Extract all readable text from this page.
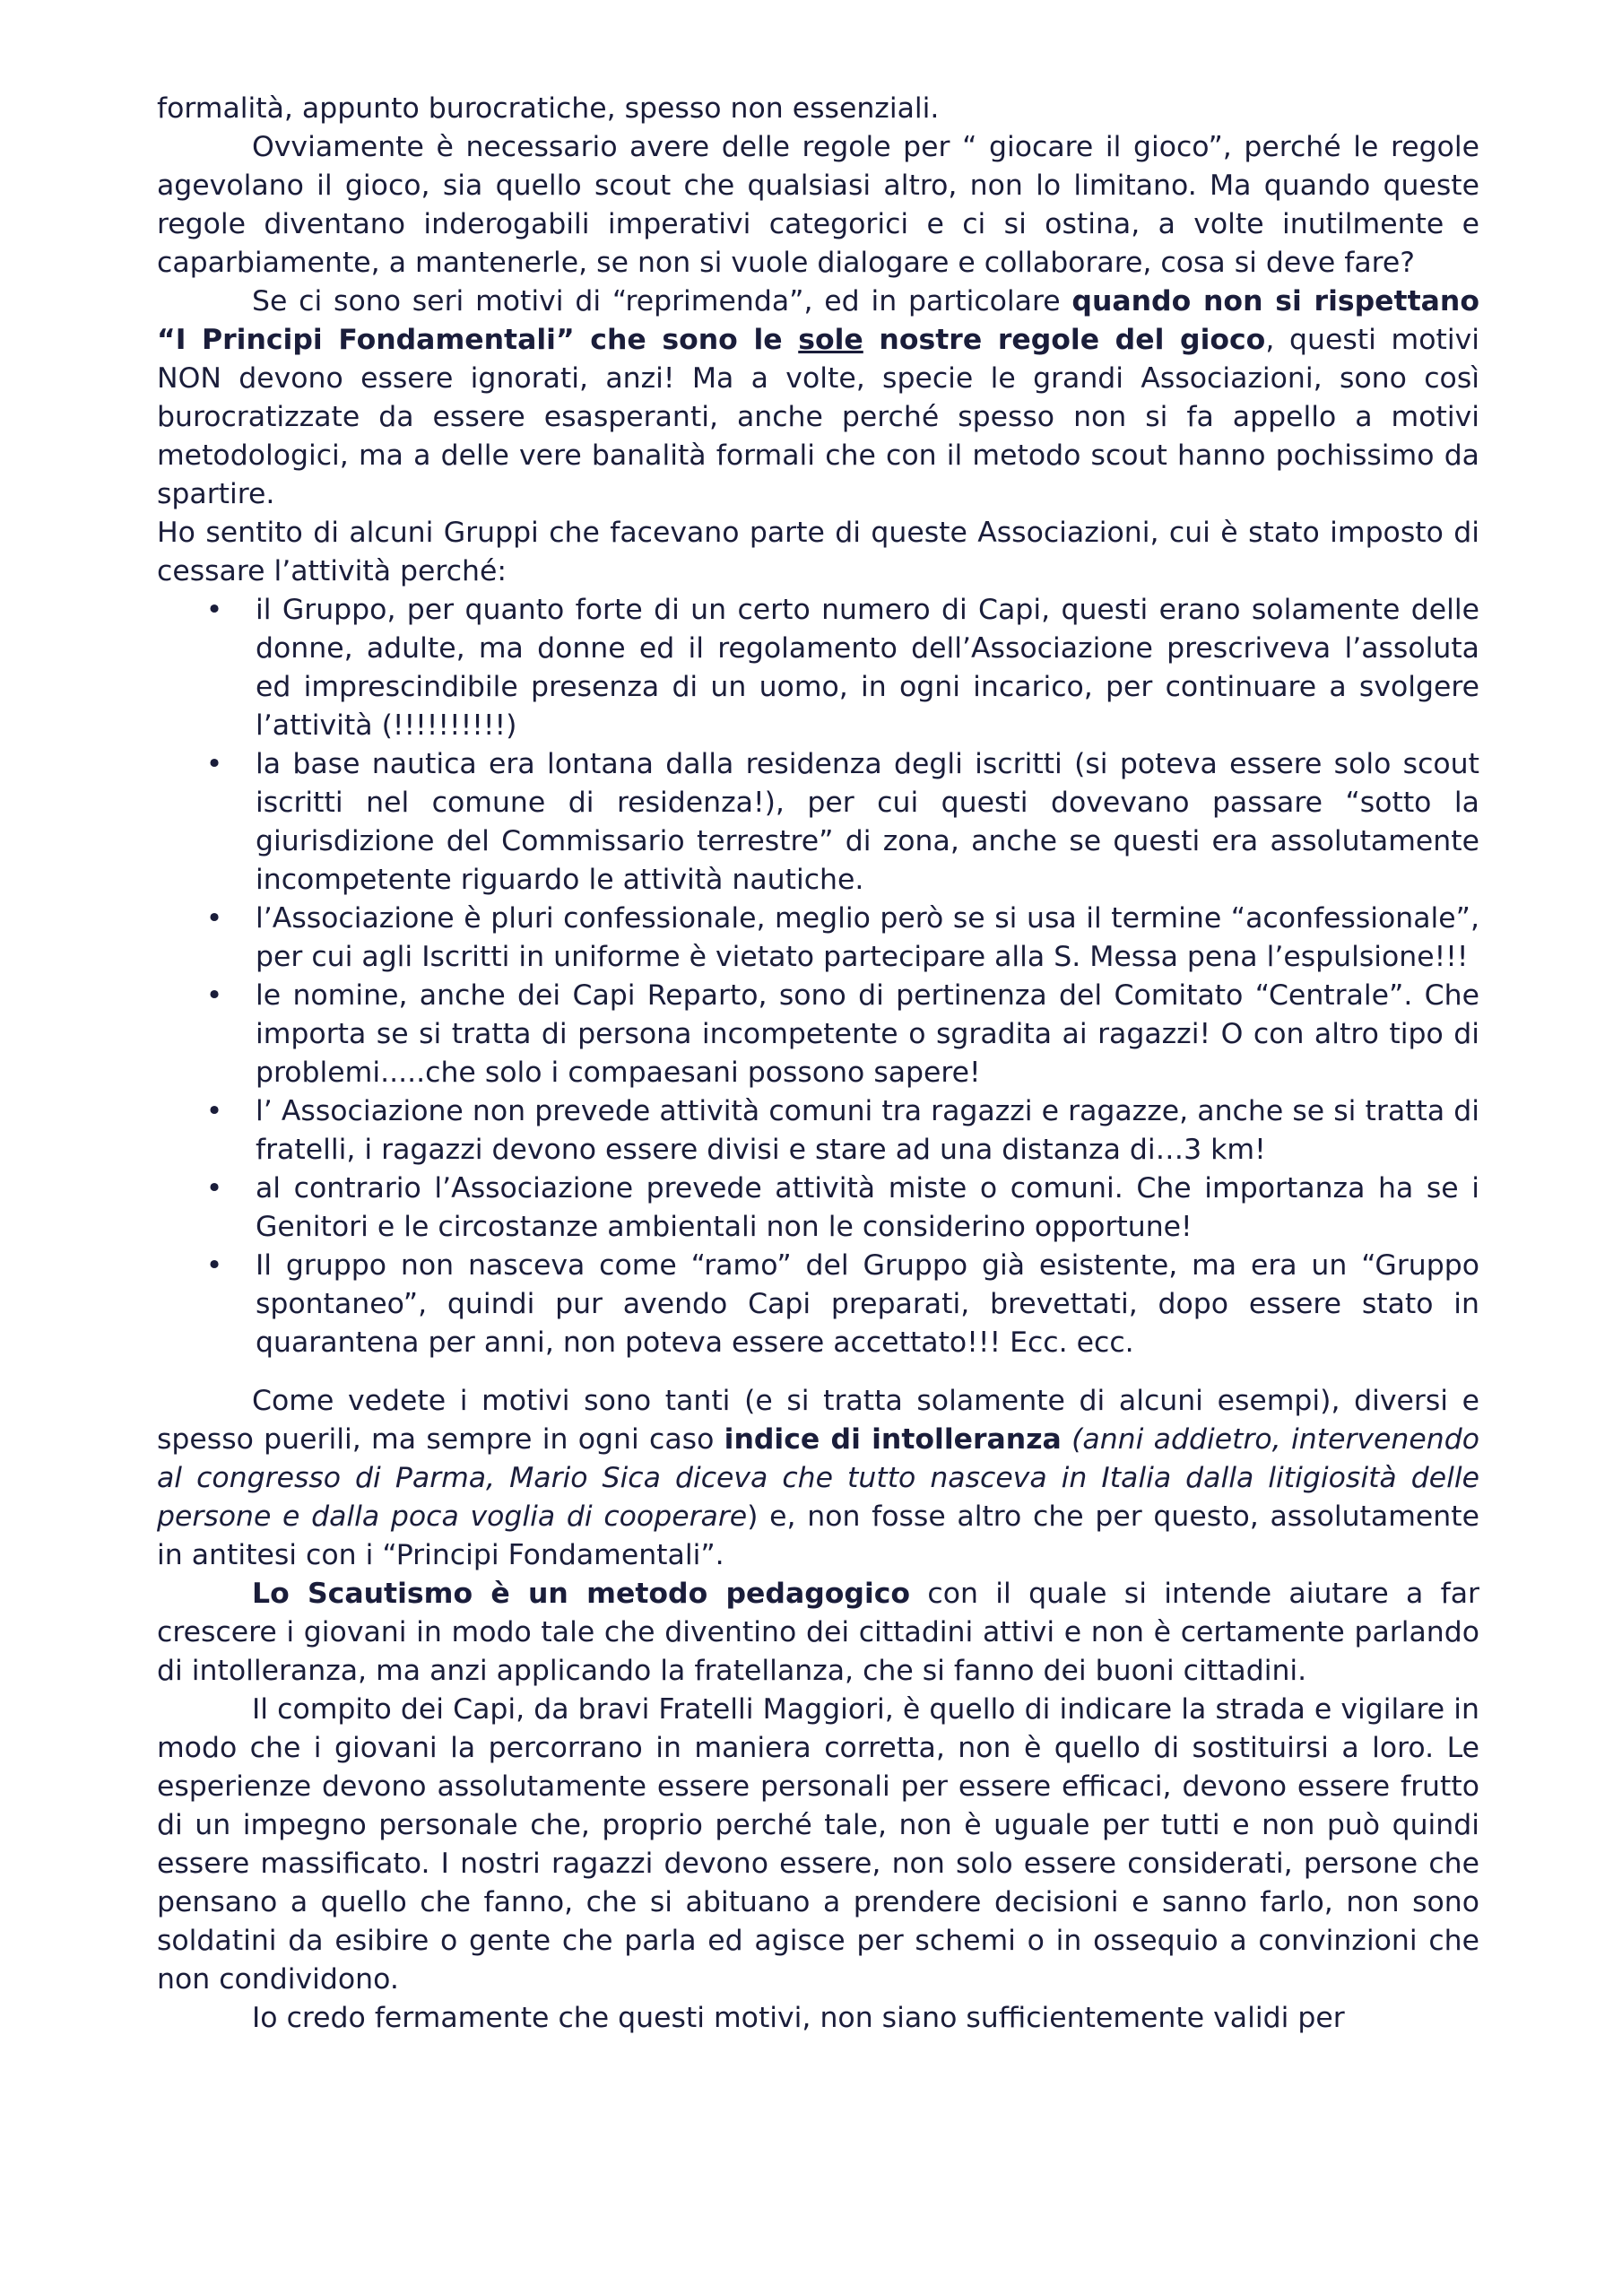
formalità, appunto burocratiche, spesso non essenziali.

Ovviamente è necessario avere delle regole per “ giocare il gioco”, perché le regole agevolano il gioco, sia quello scout che qualsiasi altro, non lo limitano. Ma quando queste regole diventano inderogabili imperativi categorici e ci si ostina, a volte inutilmente e caparbiamente, a mantenerle, se non si vuole dialogare e collaborare, cosa si deve fare?

Se ci sono seri motivi di “reprimenda”, ed in particolare quando non si rispettano “I Principi Fondamentali” che sono le sole nostre regole del gioco, questi motivi NON devono essere ignorati, anzi! Ma a volte, specie le grandi Associazioni, sono così burocratizzate da essere esasperanti, anche perché spesso non si fa appello a motivi metodologici, ma a delle vere banalità formali che con il metodo scout hanno pochissimo da spartire.

Ho sentito di alcuni Gruppi che facevano parte di queste Associazioni, cui è stato imposto di cessare l’attività perché:

• il Gruppo, per quanto forte di un certo numero di Capi, questi erano solamente delle donne, adulte, ma donne ed il regolamento dell’Associazione prescriveva l’assoluta ed imprescindibile presenza di un uomo, in ogni incarico, per continuare a svolgere l’attività (!!!!!!!!!!)
• la base nautica era lontana dalla residenza degli iscritti (si poteva essere solo scout iscritti nel comune di residenza!), per cui questi dovevano passare “sotto la giurisdizione del Commissario terrestre” di zona, anche se questi era assolutamente incompetente riguardo le attività nautiche.
• l’Associazione è pluri confessionale, meglio però se si usa il termine “aconfessionale”, per cui agli Iscritti in uniforme è vietato partecipare alla S. Messa pena l’espulsione!!!
• le nomine, anche dei Capi Reparto, sono di pertinenza del Comitato “Centrale”. Che importa se si tratta di persona incompetente o sgradita ai ragazzi! O con altro tipo di problemi.....che solo i compaesani possono sapere!
• l’ Associazione non prevede attività comuni tra ragazzi e ragazze, anche se si tratta di fratelli, i ragazzi devono essere divisi e stare ad una distanza di…3 km!
• al contrario l’Associazione prevede attività miste o comuni. Che importanza ha se i Genitori e le circostanze ambientali non le considerino opportune!
• Il gruppo non nasceva come “ramo” del Gruppo già esistente, ma era un “Gruppo spontaneo”, quindi pur avendo Capi preparati, brevettati, dopo essere stato in quarantena per anni, non poteva essere accettato!!! Ecc. ecc.

Come vedete i motivi sono tanti (e si tratta solamente di alcuni esempi), diversi e spesso puerili, ma sempre in ogni caso indice di intolleranza (anni addietro, intervenendo al congresso di Parma, Mario Sica diceva che tutto nasceva in Italia dalla litigiosità delle persone e dalla poca voglia di cooperare) e, non fosse altro che per questo, assolutamente in antitesi con i “Principi Fondamentali”.

Lo Scautismo è un metodo pedagogico con il quale si intende aiutare a far crescere i giovani in modo tale che diventino dei cittadini attivi e non è certamente parlando di intolleranza, ma anzi applicando la fratellanza, che si fanno dei buoni cittadini.

Il compito dei Capi, da bravi Fratelli Maggiori, è quello di indicare la strada e vigilare in modo che i giovani la percorrano in maniera corretta, non è quello di sostituirsi a loro. Le esperienze devono assolutamente essere personali per essere efficaci, devono essere frutto di un impegno personale che, proprio perché tale, non è uguale per tutti e non può quindi essere massificato. I nostri ragazzi devono essere, non solo essere considerati, persone che pensano a quello che fanno, che si abituano a prendere decisioni e sanno farlo, non sono soldatini da esibire o gente che parla ed agisce per schemi o in ossequio a convinzioni che non condividono.

Io credo fermamente che questi motivi, non siano sufficientemente validi per
